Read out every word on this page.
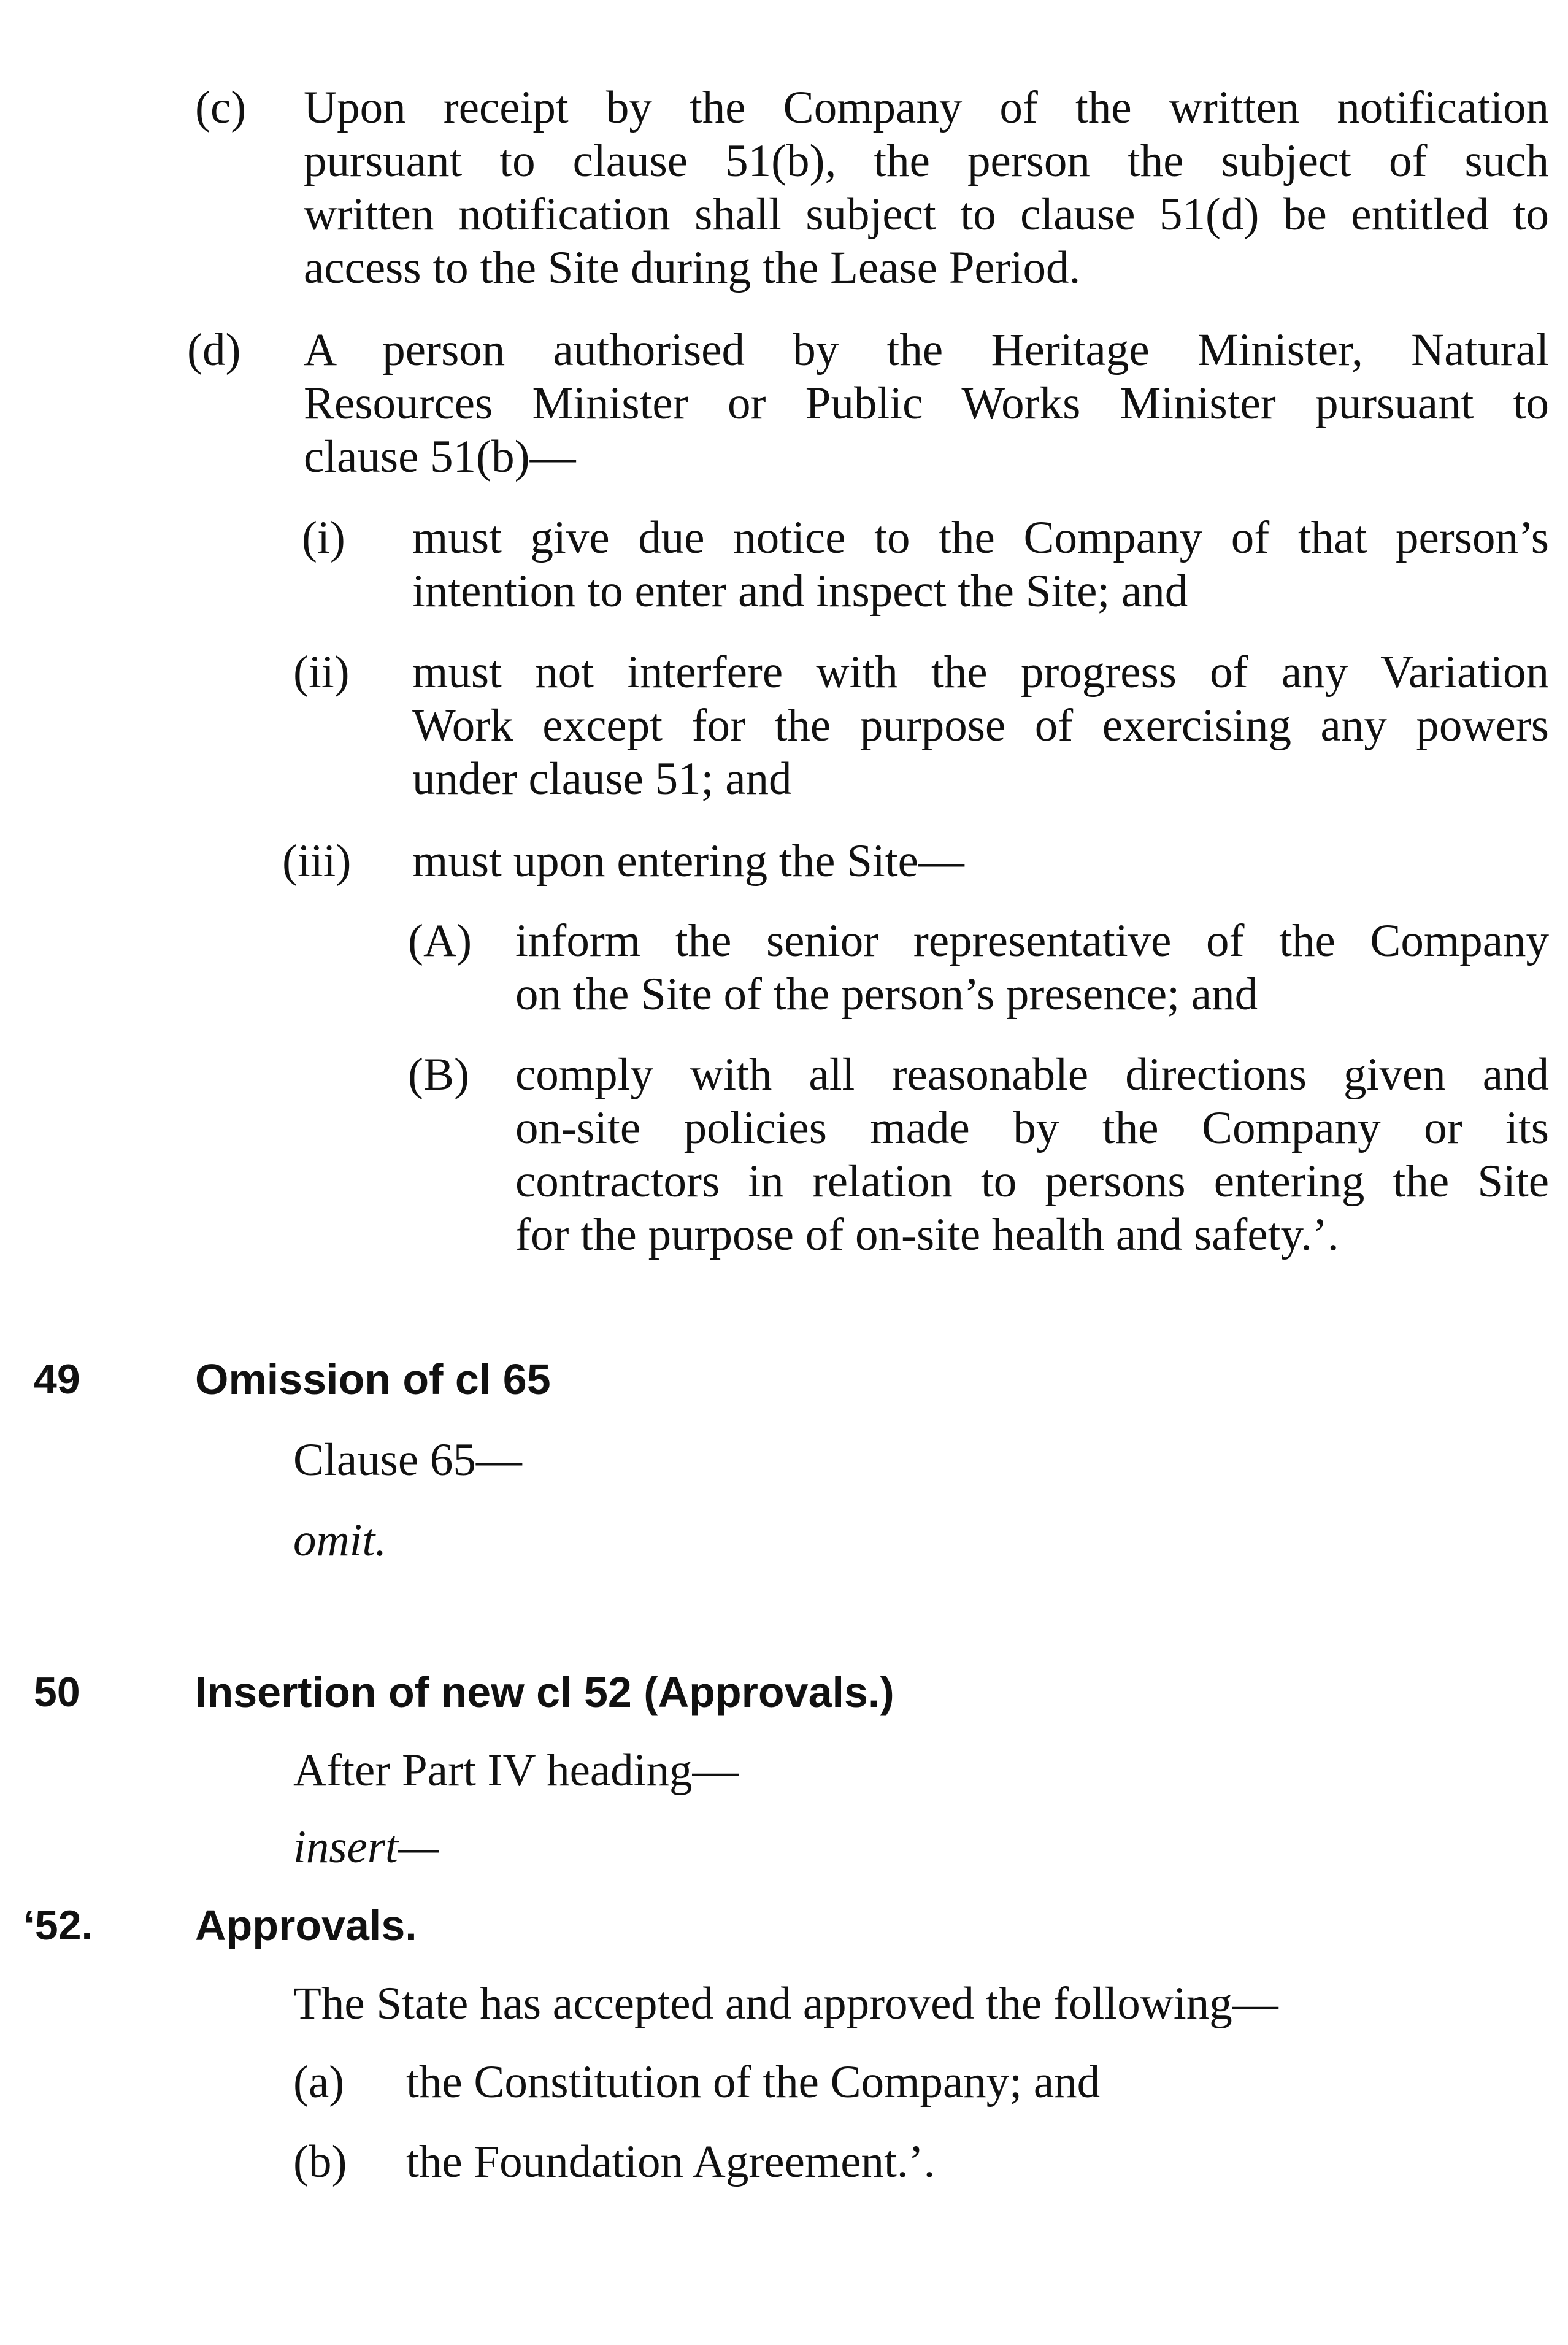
(c) Upon receipt by the Company of the written notification
pursuant to clause 51(b), the person the subject of such
written notification shall subject to clause 51(d) be entitled to
access to the Site during the Lease Period.
(d) A person authorised by the Heritage Minister, Natural
Resources Minister or Public Works Minister pursuant to
clause 51(b)—
(i) must give due notice to the Company of that person’s
intention to enter and inspect the Site; and
(ii) must not interfere with the progress of any Variation
Work except for the purpose of exercising any powers
under clause 51; and
(iii) must upon entering the Site—
(A) inform the senior representative of the Company
on the Site of the person’s presence; and
(B) comply with all reasonable directions given and
on-site policies made by the Company or its
contractors in relation to persons entering the Site
for the purpose of on-site health and safety.’.
49	Omission of cl 65
Clause 65—
omit.
50	Insertion of new cl 52 (Approvals.)
After Part IV heading—
insert—
‘52. Approvals.
The State has accepted and approved the following—
(a) the Constitution of the Company; and
(b) the Foundation Agreement.’.
